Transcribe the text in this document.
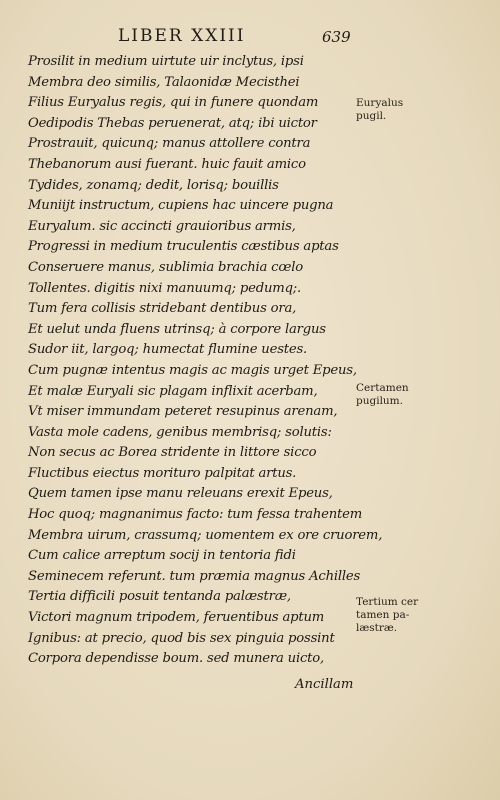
LIBER XXIII	639
Prosilit in medium uirtute uir inclytus, ipsi
Membra deo similis, Talaonidæ Mecisthei
Filius Euryalus regis, qui in funere quondam
Oedipodis Thebas peruenerat, atq; ibi uictor
Prostrauit, quicunq; manus attollere contra
Thebanorum ausi fuerant. huic fauit amico
Tydides, zonamq; dedit, lorisq; bouillis
Muniijt instructum, cupiens hac uincere pugna
Euryalum. sic accincti grauioribus armis,
Progressi in medium truculentis cæstibus aptas
Conseruere manus, sublimia brachia cœlo
Tollentes. digitis nixi manuumq; pedumq;.
Tum fera collisis stridebant dentibus ora,
Et uelut unda fluens utrinsq; à corpore largus
Sudor iit, largoq; humectat flumine uestes.
Cum pugnæ intentus magis ac magis urget Epeus,
Et malæ Euryali sic plagam inflixit acerbam,
Vt miser immundam peteret resupinus arenam,
Vasta mole cadens, genibus membrisq; solutis:
Non secus ac Borea stridente in littore sicco
Fluctibus eiectus morituro palpitat artus.
Quem tamen ipse manu releuans erexit Epeus,
Hoc quoq; magnanimus facto: tum fessa trahentem
Membra uirum, crassumq; uomentem ex ore cruorem,
Cum calice arreptum socij in tentoria fidi
Seminecem referunt. tum præmia magnus Achilles
Tertia difficili posuit tentanda palæstræ,
Victori magnum tripodem, feruentibus aptum
Ignibus: at precio, quod bis sex pinguia possint
Corpora dependisse boum. sed munera uicto,
Ancillam
Euryalus
pugil.
Certamen
pugilum.
Tertium cer
tamen pa-
læstræ.
